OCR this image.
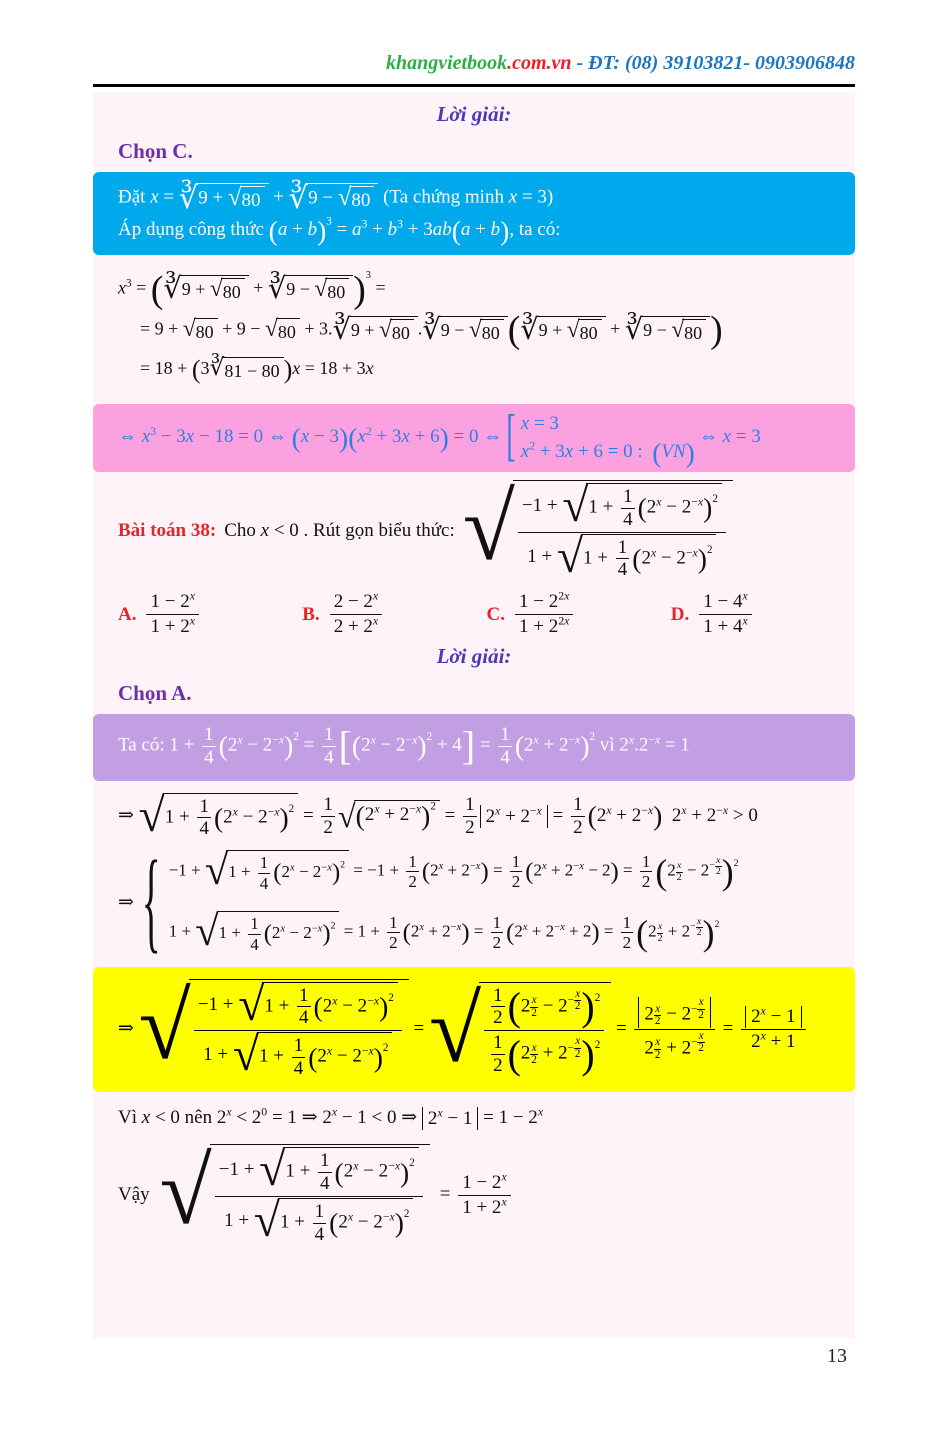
khangvietbook.com.vn - ĐT: (08) 39103821- 0903906848
Lời giải:
Chọn C.
Đặt x = ∛9 + √80 + ∛9 − √80 (Ta chứng minh x = 3)
Áp dụng công thức $(a + b)^3 = a^3 + b^3 + 3ab(a + b)$, ta có:
$x^3$ = (∛9 + √80 + ∛9 − √80 )$^3$ =
= 9 + √80 + 9 − √80 + 3.∛9 + √80 .∛9 − √80 (∛9 + √80 + ∛9 − √80 )
= 18 + (3∛81 − 80 )x = 18 + 3x
⇔ $x^3 - 3x - 18 = 0$ ⇔ $(x - 3)(x^2 + 3x + 6) = 0$ ⇔ [ x = 3
$x^2 + 3x + 6 = 0$ :  (VN) ⇔ x = 3
Bài toán 38: Cho x < 0 . Rút gọn biểu thức: √ $\frac{-1 + √1 + \frac{1}{4} (2^x - 2^{-x})^2}{1 + √1 + \frac{1}{4} (2^x - 2^{-x})^2}$
A. $\frac{1 - 2^x}{1 + 2^x}$	B. $\frac{2 - 2^x}{2 + 2^x}$	C. $\frac{1 - 2^{2x}}{1 + 2^{2x}}$	D. $\frac{1 - 4^x}{1 + 4^x}$
Lời giải:
Chọn A.
Ta có: $1 + \frac{1}{4} (2^x - 2^{-x})^2 = \frac{1}{4} [(2^x - 2^{-x})^2 + 4] = \frac{1}{4} (2^x + 2^{-x})^2$ vì $2^x.2^{-x} = 1$
⇒ $√1 + \frac{1}{4} (2^x - 2^{-x})^2 = \frac{1}{2} √(2^x + 2^{-x})^2 = \frac{1}{2} 2^x + 2^{-x} = \frac{1}{2} (2^x + 2^{-x}) 2^x + 2^{-x} > 0$
⇒ { $-1 + √1 + \frac{1}{4} (2^x - 2^{-x})^2 = -1 + \frac{1}{2} (2^x + 2^{-x}) = \frac{1}{2} (2^x + 2^{-x} - 2) = \frac{1}{2} (2$ x
2 − 2−
x
2 )$^2$
$1 + √1 + \frac{1}{4} (2^x - 2^{-x})^2 = 1 + \frac{1}{2} (2^x + 2^{-x}) = \frac{1}{2} (2^x + 2^{-x} + 2) = \frac{1}{2} (2$ x
2 + 2−
x
2 )$^2$
⇒ √ $\frac{-1 + √1 + \frac{1}{4} (2^x - 2^{-x})^2}{1 + √1 + \frac{1}{4} (2^x - 2^{-x})^2}$ = √ $\frac{1}{2} (2$ x
2 − 2−
x
2 )$^2$
$\frac{1}{2} (2$ x
2 + 2−
x
2 )$^2$ = 2 x
2 − 2−
x
2
2 x
2 + 2−
x
$2 = \frac{2^x - 1}{2^x + 1}$
Vì x < 0 nên $2^x < 2^0 = 1$ ⇒ $2^x - 1 < 0$ ⇒ $2^x - 1 = 1 - 2^x$
Vậy √ $\frac{-1 + √1 + \frac{1}{4} (2^x - 2^{-x})^2}{1 + √1 + \frac{1}{4} (2^x - 2^{-x})^2} = \frac{1 - 2^x}{1 + 2^x}$
13
